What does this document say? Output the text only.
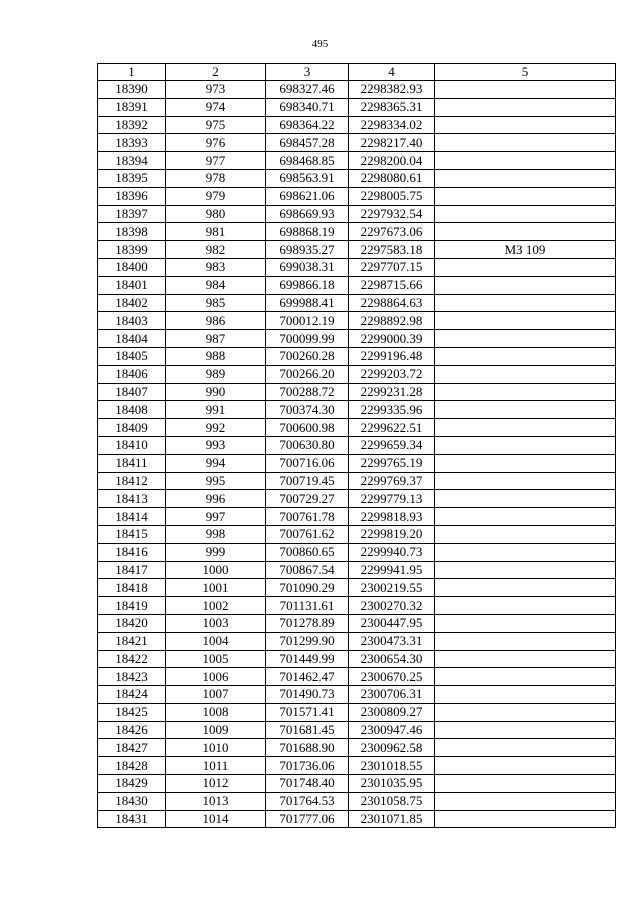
495
1	2	3	4	5
18390	973	698327.46	2298382.93	
18391	974	698340.71	2298365.31	
18392	975	698364.22	2298334.02	
18393	976	698457.28	2298217.40	
18394	977	698468.85	2298200.04	
18395	978	698563.91	2298080.61	
18396	979	698621.06	2298005.75	
18397	980	698669.93	2297932.54	
18398	981	698868.19	2297673.06	
18399	982	698935.27	2297583.18	МЗ 109
18400	983	699038.31	2297707.15	
18401	984	699866.18	2298715.66	
18402	985	699988.41	2298864.63	
18403	986	700012.19	2298892.98	
18404	987	700099.99	2299000.39	
18405	988	700260.28	2299196.48	
18406	989	700266.20	2299203.72	
18407	990	700288.72	2299231.28	
18408	991	700374.30	2299335.96	
18409	992	700600.98	2299622.51	
18410	993	700630.80	2299659.34	
18411	994	700716.06	2299765.19	
18412	995	700719.45	2299769.37	
18413	996	700729.27	2299779.13	
18414	997	700761.78	2299818.93	
18415	998	700761.62	2299819.20	
18416	999	700860.65	2299940.73	
18417	1000	700867.54	2299941.95	
18418	1001	701090.29	2300219.55	
18419	1002	701131.61	2300270.32	
18420	1003	701278.89	2300447.95	
18421	1004	701299.90	2300473.31	
18422	1005	701449.99	2300654.30	
18423	1006	701462.47	2300670.25	
18424	1007	701490.73	2300706.31	
18425	1008	701571.41	2300809.27	
18426	1009	701681.45	2300947.46	
18427	1010	701688.90	2300962.58	
18428	1011	701736.06	2301018.55	
18429	1012	701748.40	2301035.95	
18430	1013	701764.53	2301058.75	
18431	1014	701777.06	2301071.85	
